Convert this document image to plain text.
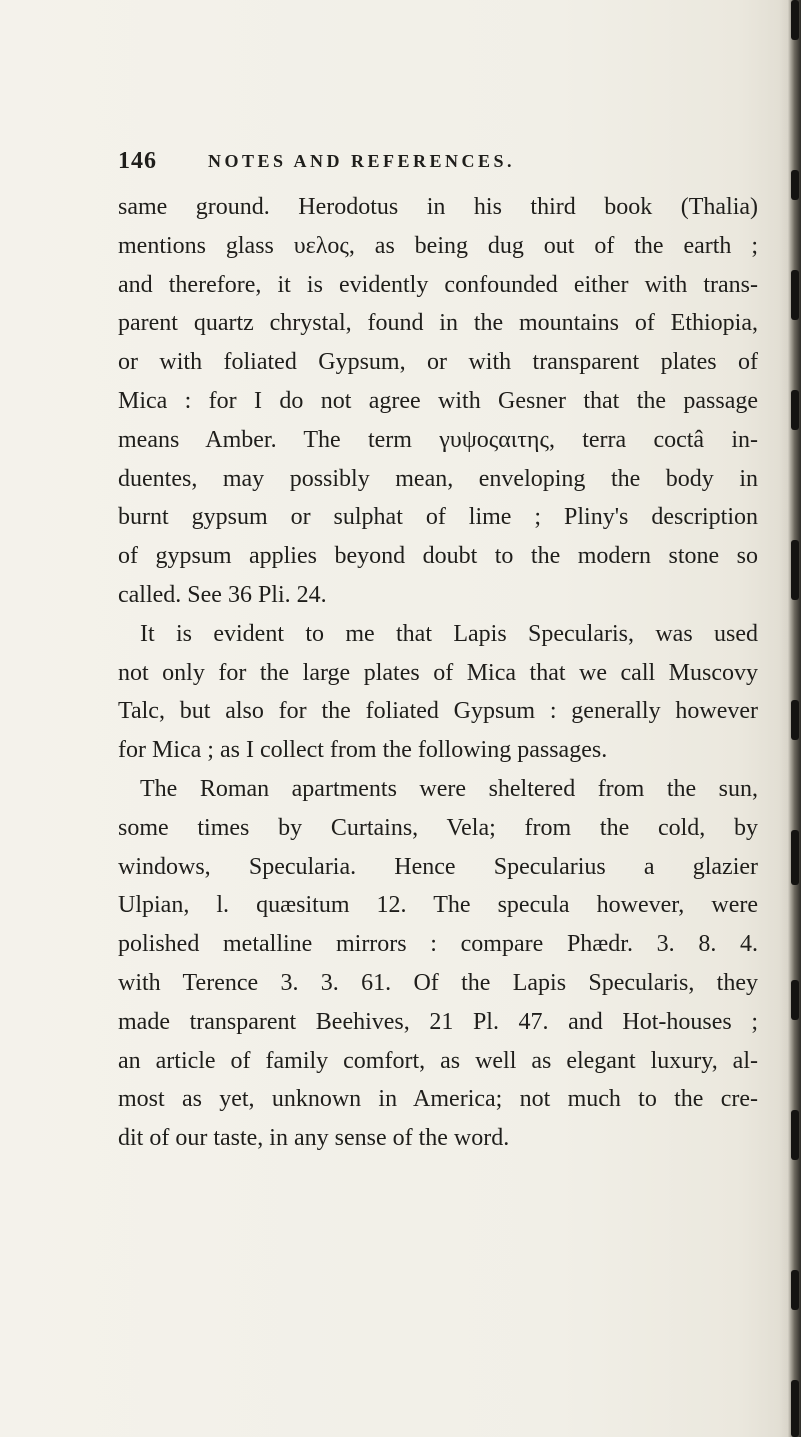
146	NOTES AND REFERENCES.
same ground. Herodotus in his third book (Thalia)
mentions glass υελος, as being dug out of the earth ;
and therefore, it is evidently confounded either with trans-
parent quartz chrystal, found in the mountains of Ethiopia,
or with foliated Gypsum, or with transparent plates of
Mica : for I do not agree with Gesner that the passage
means Amber. The term γυψοςαιτης, terra coctâ in-
duentes, may possibly mean, enveloping the body in
burnt gypsum or sulphat of lime ; Pliny's description
of gypsum applies beyond doubt to the modern stone so
called. See 36 Pli. 24.
It is evident to me that Lapis Specularis, was used
not only for the large plates of Mica that we call Muscovy
Talc, but also for the foliated Gypsum : generally however
for Mica ; as I collect from the following passages.
The Roman apartments were sheltered from the sun,
some times by Curtains, Vela; from the cold, by
windows, Specularia. Hence Specularius a glazier
Ulpian, l. quæsitum 12. The specula however, were
polished metalline mirrors : compare Phædr. 3. 8. 4.
with Terence 3. 3. 61. Of the Lapis Specularis, they
made transparent Beehives, 21 Pl. 47. and Hot-houses ;
an article of family comfort, as well as elegant luxury, al-
most as yet, unknown in America; not much to the cre-
dit of our taste, in any sense of the word.
